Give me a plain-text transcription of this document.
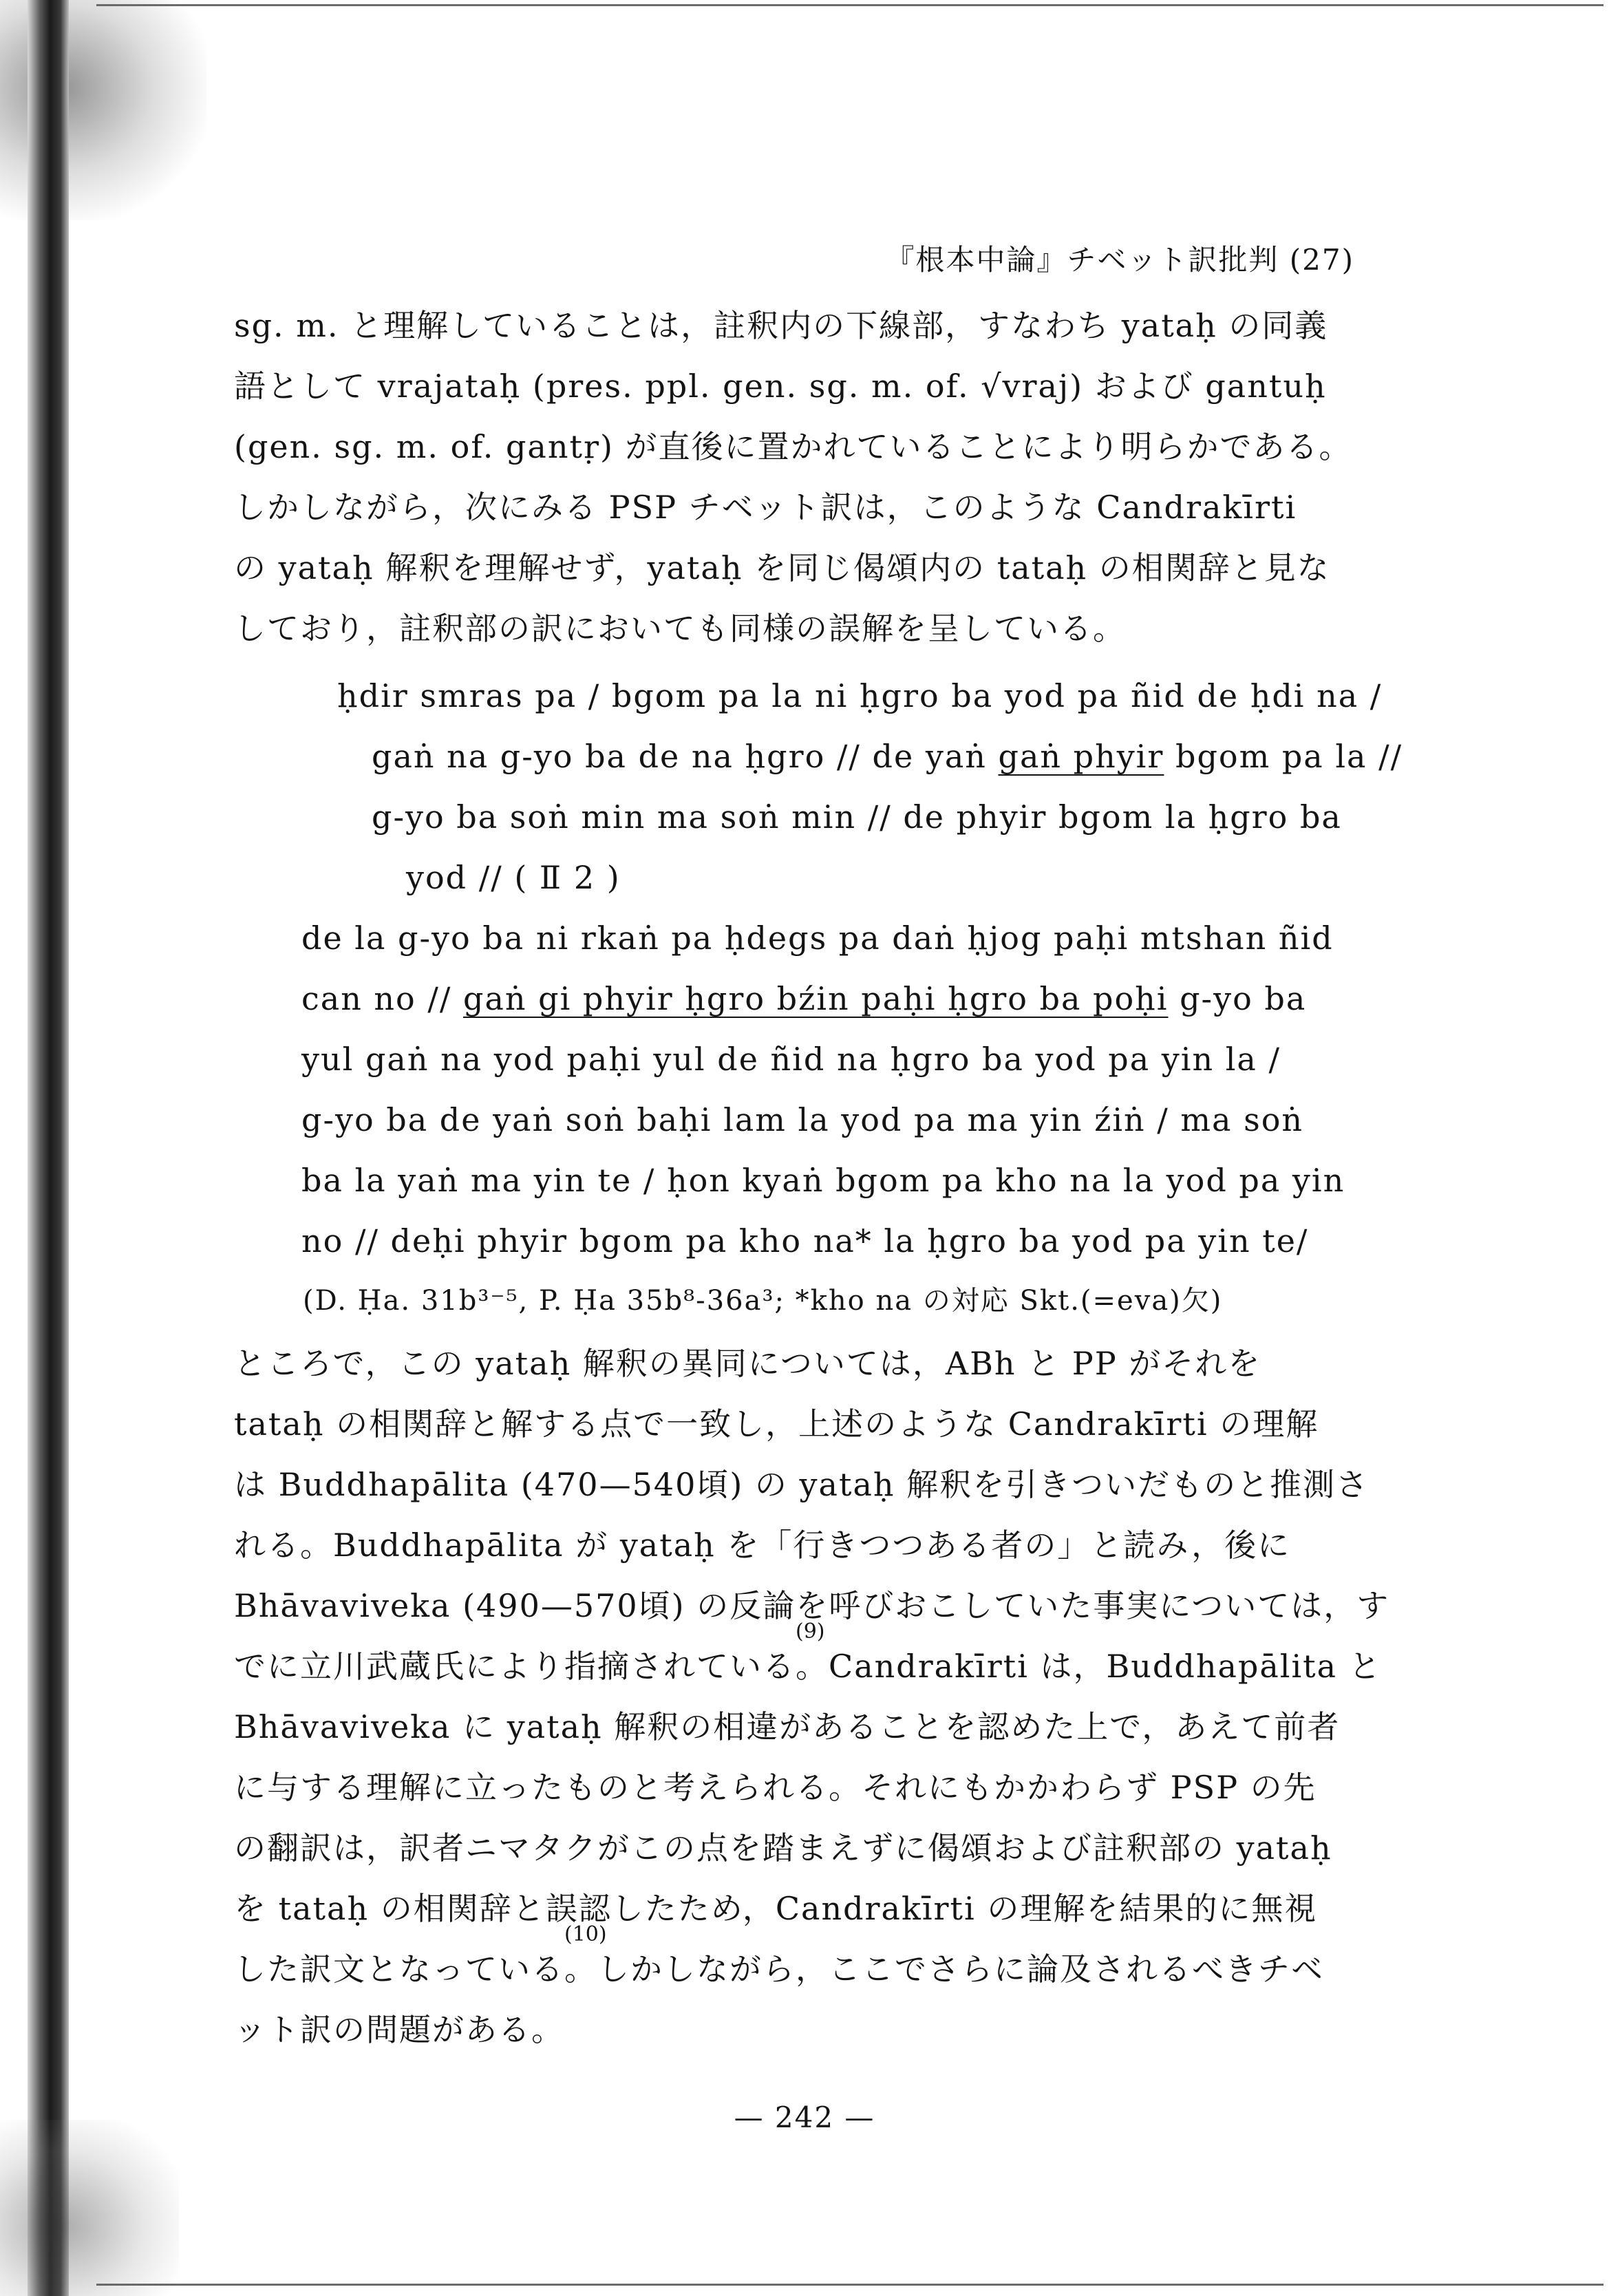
『根本中論』チベット訳批判 (27)
sg. m. と理解していることは，註釈内の下線部，すなわち yataḥ の同義
語として vrajataḥ (pres. ppl. gen. sg. m. of. √vraj) および gantuḥ
(gen. sg. m. of. gantṛ) が直後に置かれていることにより明らかである。
しかしながら，次にみる PSP チベット訳は，このような Candrakīrti
の yataḥ 解釈を理解せず，yataḥ を同じ偈頌内の tataḥ の相関辞と見な
しており，註釈部の訳においても同様の誤解を呈している。
ḥdir smras pa / bgom pa la ni ḥgro ba yod pa ñid de ḥdi na /
gaṅ na g-yo ba de na ḥgro // de yaṅ gaṅ phyir bgom pa la //
g-yo ba soṅ min ma soṅ min // de phyir bgom la ḥgro ba
yod // ( Ⅱ 2 )
de la g-yo ba ni rkaṅ pa ḥdegs pa daṅ ḥjog paḥi mtshan ñid
can no // gaṅ gi phyir ḥgro bźin paḥi ḥgro ba poḥi g-yo ba
yul gaṅ na yod paḥi yul de ñid na ḥgro ba yod pa yin la /
g-yo ba de yaṅ soṅ baḥi lam la yod pa ma yin źiṅ / ma soṅ
ba la yaṅ ma yin te / ḥon kyaṅ bgom pa kho na la yod pa yin
no // deḥi phyir bgom pa kho na* la ḥgro ba yod pa yin te/
(D. Ḥa. 31b³⁻⁵, P. Ḥa 35b⁸-36a³; *kho na の対応 Skt.(=eva)欠)
ところで，この yataḥ 解釈の異同については，ABh と PP がそれを
tataḥ の相関辞と解する点で一致し，上述のような Candrakīrti の理解
は Buddhapālita (470—540頃) の yataḥ 解釈を引きついだものと推測さ
れる。Buddhapālita が yataḥ を「行きつつある者の」と読み，後に
Bhāvaviveka (490—570頃) の反論を呼びおこしていた事実については，す
でに立川武蔵氏により指摘されている。
(9)
Candrakīrti は，Buddhapālita と
Bhāvaviveka に yataḥ 解釈の相違があることを認めた上で，あえて前者
に与する理解に立ったものと考えられる。それにもかかわらず PSP の先
の翻訳は，訳者ニマタクがこの点を踏まえずに偈頌および註釈部の yataḥ
を tataḥ の相関辞と誤認したため，Candrakīrti の理解を結果的に無視
した訳文となっている。
(10)
しかしながら，ここでさらに論及されるべきチベ
ット訳の問題がある。
— 242 —
